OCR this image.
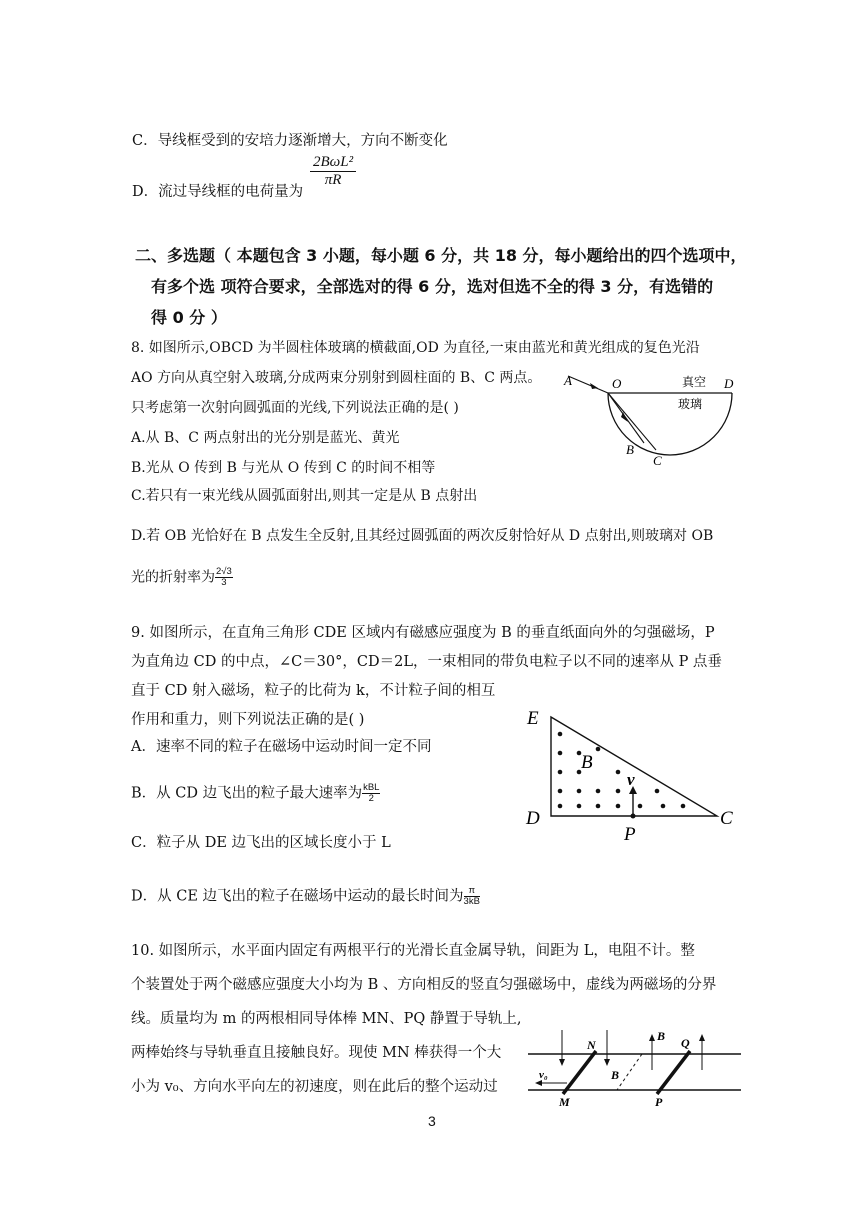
C．导线框受到的安培力逐渐增大，方向不断变化
D．流过导线框的电荷量为
2BωL²
πR
二、多选题（ 本题包含 3 小题，每小题 6 分，共 18 分，每小题给出的四个选项中，
有多个选 项符合要求，全部选对的得 6 分，选对但选不全的得 3 分，有选错的
得 0 分 ）
8. 如图所示,OBCD 为半圆柱体玻璃的横截面,OD 为直径,一束由蓝光和黄光组成的复色光沿
AO 方向从真空射入玻璃,分成两束分别射到圆柱面的 B、C 两点。
只考虑第一次射向圆弧面的光线,下列说法正确的是( )
A.从 B、C 两点射出的光分别是蓝光、黄光
B.光从 O 传到 B 与光从 O 传到 C 的时间不相等
C.若只有一束光线从圆弧面射出,则其一定是从 B 点射出
D.若 OB 光恰好在 B 点发生全反射,且其经过圆弧面的两次反射恰好从 D 点射出,则玻璃对 OB
光的折射率为 $\frac{2√3}{3}$
A	O	D
B
C
真空
玻璃
9. 如图所示，在直角三角形 CDE 区域内有磁感应强度为 B 的垂直纸面向外的匀强磁场，P
为直角边 CD 的中点，∠C＝30°，CD＝2L，一束相同的带负电粒子以不同的速率从 P 点垂
直于 CD 射入磁场，粒子的比荷为 k，不计粒子间的相互
作用和重力，则下列说法正确的是( )
A．速率不同的粒子在磁场中运动时间一定不同
B．从 CD 边飞出的粒子最大速率为 $\frac{\text{kBL}}{2}$
C．粒子从 DE 边飞出的区域长度小于 L
D．从 CE 边飞出的粒子在磁场中运动的最长时间为 $\frac{\pi}{3kB}$
E
D	C
P
B
v
10. 如图所示，水平面内固定有两根平行的光滑长直金属导轨，间距为 L，电阻不计。整
个装置处于两个磁感应强度大小均为 B 、方向相反的竖直匀强磁场中，虚线为两磁场的分界
线。质量均为 m 的两根相同导体棒 MN、PQ 静置于导轨上,
两棒始终与导轨垂直且接触良好。现使 MN 棒获得一个大
小为 v₀、方向水平向左的初速度，则在此后的整个运动过
v₀
N
M
Q
P
B
B
3
